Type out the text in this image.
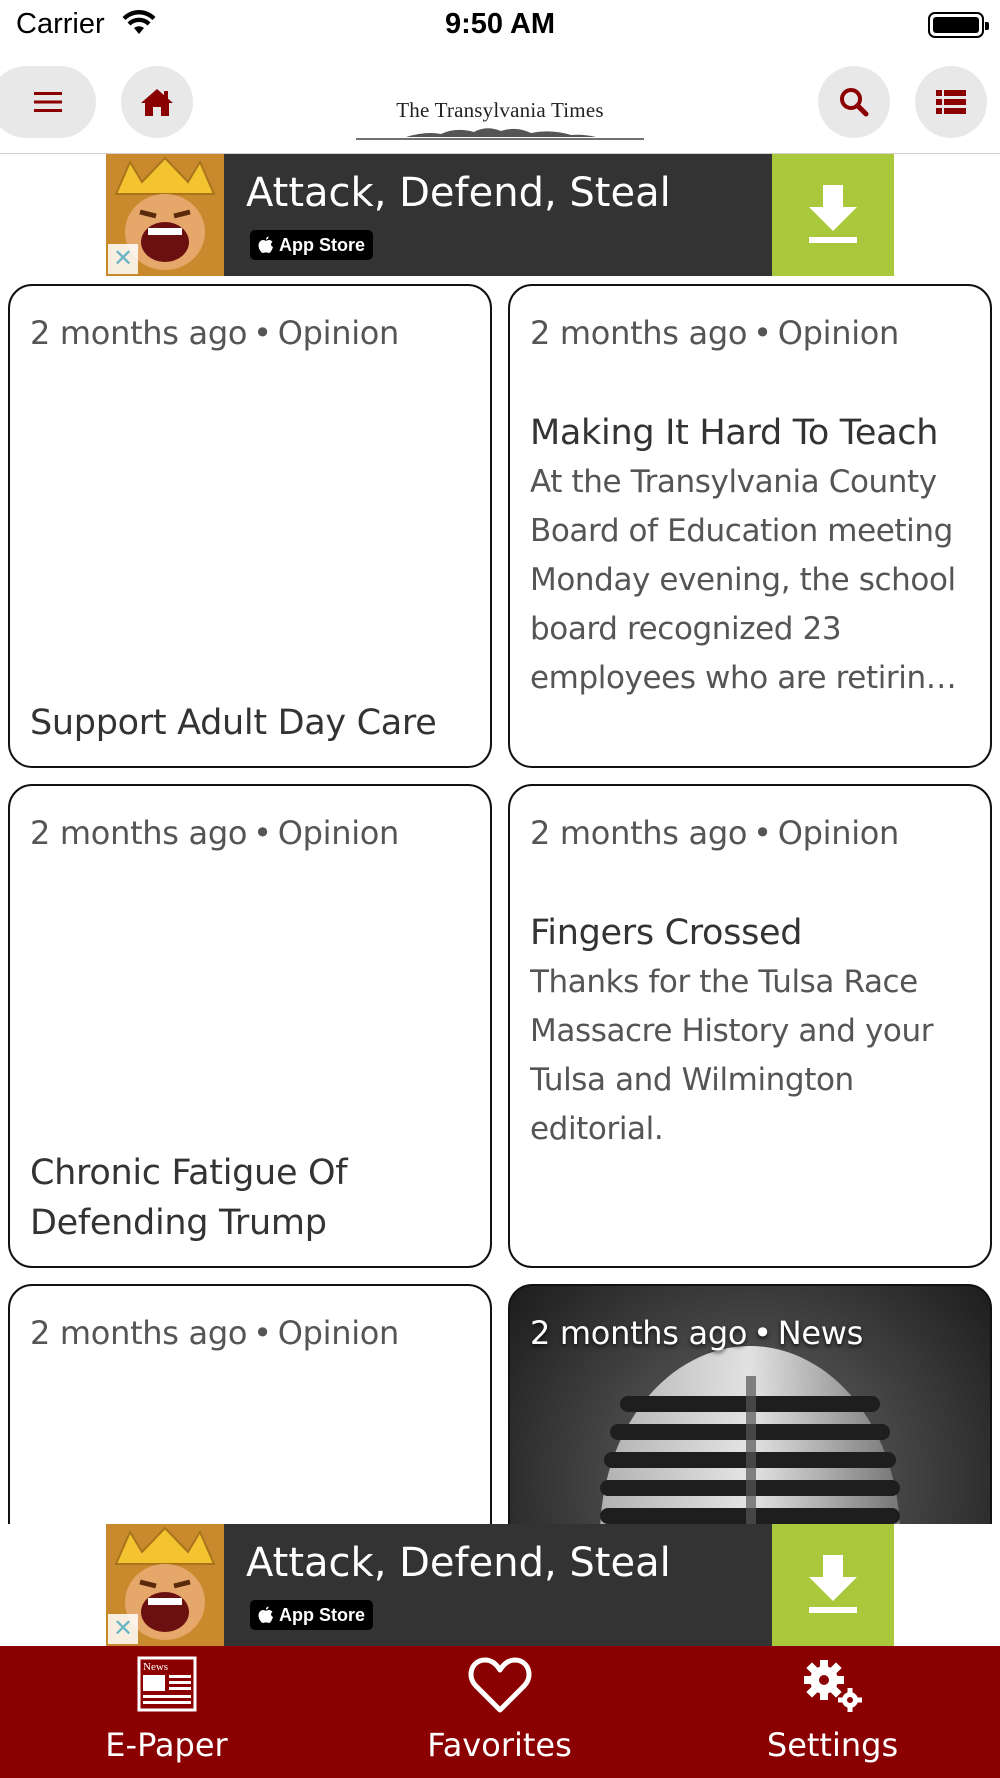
Carrier	9:50 AM
The Transylvania Times
✕
Attack, Defend, Steal
App Store
2 months ago • Opinion
Support Adult Day Care
2 months ago • Opinion
Making It Hard To Teach
At the Transylvania County Board of Education meeting Monday evening, the school board recognized 23 employees who are retiring
2 months ago • Opinion
Chronic Fatigue Of Defending Trump
2 months ago • Opinion
Fingers Crossed
Thanks for the Tulsa Race Massacre History and your Tulsa and Wilmington editorial.
2 months ago • Opinion	2 months ago • News
✕
Attack, Defend, Steal
App Store
News
E-Paper	Favorites	Settings
